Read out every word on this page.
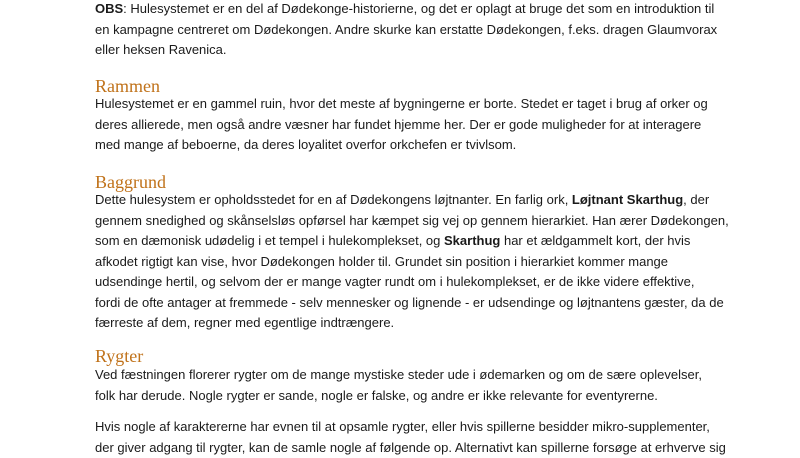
OBS: Hulesystemet er en del af Dødekonge-historierne, og det er oplagt at bruge det som en introduktion til
en kampagne centreret om Dødekongen. Andre skurke kan erstatte Dødekongen, f.eks. dragen Glaumvorax
eller heksen Ravenica.

Rammen

Hulesystemet er en gammel ruin, hvor det meste af bygningerne er borte. Stedet er taget i brug af orker og
deres allierede, men også andre væsner har fundet hjemme her. Der er gode muligheder for at interagere
med mange af beboerne, da deres loyalitet overfor orkchefen er tvivlsom.

Baggrund

Dette hulesystem er opholdsstedet for en af Dødekongens løjtnanter. En farlig ork, Løjtnant Skarthug, der
gennem snedighed og skånselsløs opførsel har kæmpet sig vej op gennem hierarkiet. Han ærer Dødekongen,
som en dæmonisk udødelig i et tempel i hulekomplekset, og Skarthug har et ældgammelt kort, der hvis
afkodet rigtigt kan vise, hvor Dødekongen holder til. Grundet sin position i hierarkiet kommer mange
udsendinge hertil, og selvom der er mange vagter rundt om i hulekomplekset, er de ikke videre effektive,
fordi de ofte antager at fremmede - selv mennesker og lignende - er udsendinge og løjtnantens gæster, da de
færreste af dem, regner med egentlige indtrængere.

Rygter

Ved fæstningen florerer rygter om de mange mystiske steder ude i ødemarken og om de sære oplevelser,
folk har derude. Nogle rygter er sande, nogle er falske, og andre er ikke relevante for eventyrerne.

Hvis nogle af karaktererne har evnen til at opsamle rygter, eller hvis spillerne besidder mikro-supplementer,
der giver adgang til rygter, kan de samle nogle af følgende op. Alternativt kan spillerne forsøge at erhverve sig
